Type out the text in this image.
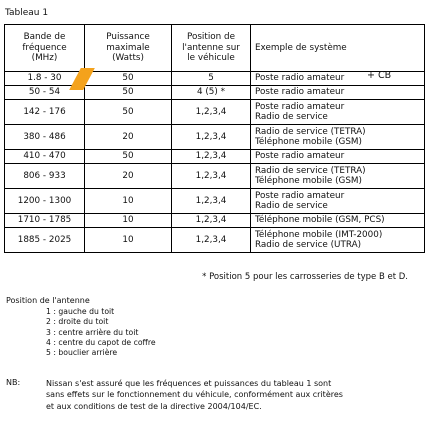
Tableau 1
Bande de
fréquence
(MHz)	Puissance
maximale
(Watts)	Position de
l'antenne sur
le véhicule	Exemple de système
1.8 - 30	50	5	Poste radio amateur + CB

50 - 54	50	4 (5) *	Poste radio amateur

142 - 176	50	1,2,3,4	Poste radio amateur
Radio de service

380 - 486	20	1,2,3,4	Radio de service (TETRA)
Téléphone mobile (GSM)

410 - 470	50	1,2,3,4	Poste radio amateur

806 - 933	20	1,2,3,4	Radio de service (TETRA)
Téléphone mobile (GSM)

1200 - 1300	10	1,2,3,4	Poste radio amateur
Radio de service

1710 - 1785	10	1,2,3,4	Téléphone mobile (GSM, PCS)

1885 - 2025	10	1,2,3,4	Téléphone mobile (IMT-2000)
Radio de service (UTRA)
* Position 5 pour les carrosseries de type B et D.
Position de l'antenne
1 : gauche du toit
2 : droite du toit
3 : centre arrière du toit
4 : centre du capot de coffre
5 : bouclier arrière
NB:	Nissan s'est assuré que les fréquences et puissances du tableau 1 sont
sans effets sur le fonctionnement du véhicule, conformément aux critères
et aux conditions de test de la directive 2004/104/EC.
